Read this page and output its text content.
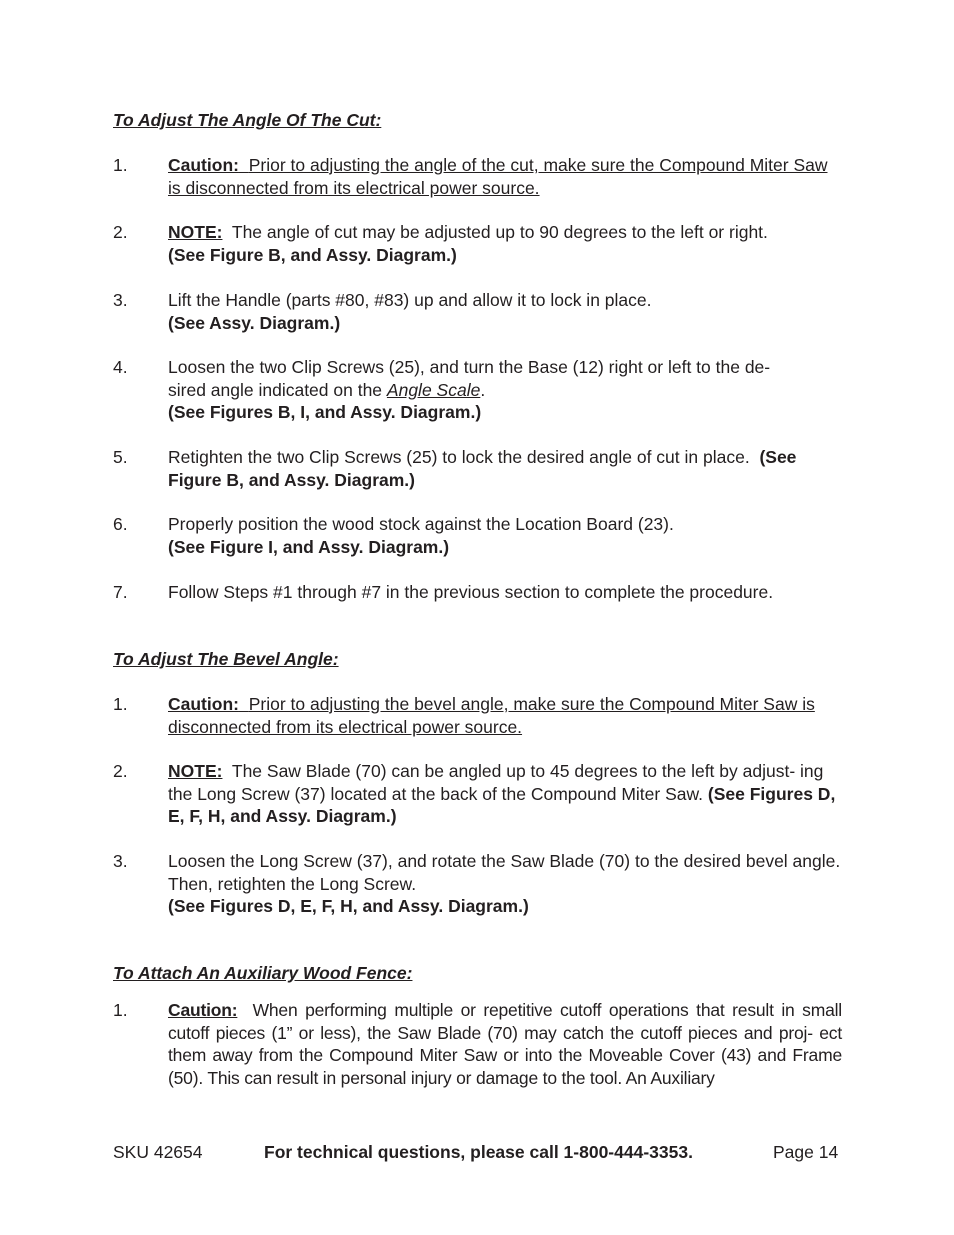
To Adjust The Angle Of The Cut:
1.	Caution: Prior to adjusting the angle of the cut, make sure the Compound Miter Saw is disconnected from its electrical power source.
2.	NOTE: The angle of cut may be adjusted up to 90 degrees to the left or right.
(See Figure B, and Assy. Diagram.)
3.	Lift the Handle (parts #80, #83) up and allow it to lock in place.
(See Assy. Diagram.)
4.	Loosen the two Clip Screws (25), and turn the Base (12) right or left to the de-
sired angle indicated on the Angle Scale.
(See Figures B, I, and Assy. Diagram.)
5.	Retighten the two Clip Screws (25) to lock the desired angle of cut in place. (See
Figure B, and Assy. Diagram.)
6.	Properly position the wood stock against the Location Board (23).
(See Figure I, and Assy. Diagram.)
7.	Follow Steps #1 through #7 in the previous section to complete the procedure.
To Adjust The Bevel Angle:
1.	Caution: Prior to adjusting the bevel angle, make sure the Compound Miter Saw is disconnected from its electrical power source.
2.	NOTE: The Saw Blade (70) can be angled up to 45 degrees to the left by adjust- ing the Long Screw (37) located at the back of the Compound Miter Saw. (See Figures D, E, F, H, and Assy. Diagram.)
3.	Loosen the Long Screw (37), and rotate the Saw Blade (70) to the desired bevel angle. Then, retighten the Long Screw.
(See Figures D, E, F, H, and Assy. Diagram.)
To Attach An Auxiliary Wood Fence:
1.	Caution: When performing multiple or repetitive cutoff operations that result in small cutoff pieces (1” or less), the Saw Blade (70) may catch the cutoff pieces and proj- ect them away from the Compound Miter Saw or into the Moveable Cover (43) and Frame (50). This can result in personal injury or damage to the tool. An Auxiliary
SKU 42654	For technical questions, please call 1-800-444-3353.	Page 14
